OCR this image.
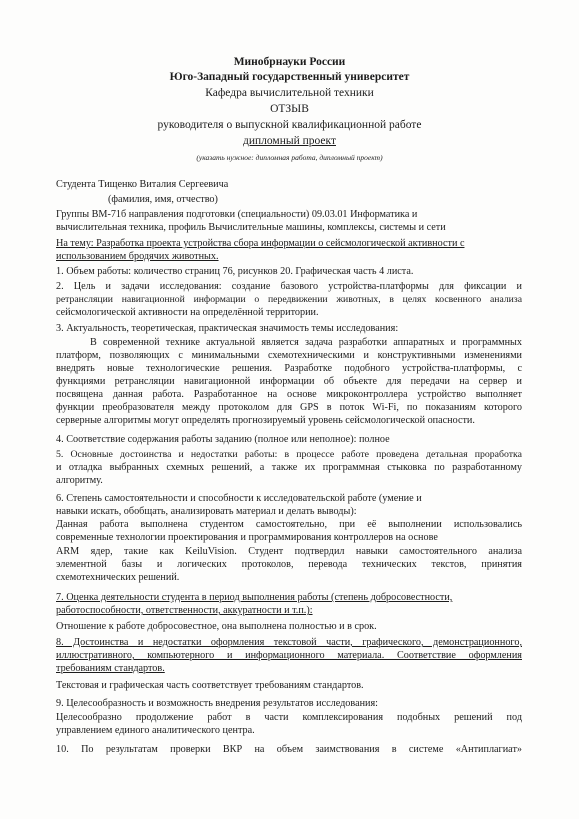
Минобрнауки России
Юго-Западный государственный университет
Кафедра вычислительной техники
ОТЗЫВ
руководителя о выпускной квалификационной работе
дипломный проект
(указать нужное: дипломная работа, дипломный проект)
Студента Тищенко Виталия Сергеевича
(фамилия, имя, отчество)
Группы ВМ-71б направления подготовки (специальности) 09.03.01 Информатика и
вычислительная техника, профиль Вычислительные машины, комплексы, системы и сети
На тему: Разработка проекта устройства сбора информации о сейсмологической активности с
использованием бродячих животных.
1. Объем работы: количество страниц 76, рисунков 20. Графическая часть 4 листа.
2. Цель и задачи исследования: создание базового устройства-платформы для фиксации и
ретрансляции навигационной информации о передвижении животных, в целях косвенного анализа
сейсмологической активности на определённой территории.
3. Актуальность, теоретическая, практическая значимость темы исследования:
В современной технике актуальной является задача разработки аппаратных и программных
платформ, позволяющих с минимальными схемотехническими и конструктивными изменениями
внедрять новые технологические решения. Разработке подобного устройства-платформы, с
функциями ретрансляции навигационной информации об объекте для передачи на сервер и
посвящена данная работа. Разработанное на основе микроконтроллера устройство выполняет
функции преобразователя между протоколом для GPS в поток Wi-Fi, по показаниям которого
серверные алгоритмы могут определять прогнозируемый уровень сейсмологической опасности.
4. Соответствие содержания работы заданию (полное или неполное): полное
5. Основные достоинства и недостатки работы: в процессе работе проведена детальная проработка
и отладка выбранных схемных решений, а также их программная стыковка по разработанному
алгоритму.
6. Степень самостоятельности и способности к исследовательской работе (умение и
навыки искать, обобщать, анализировать материал и делать выводы):
Данная работа выполнена студентом самостоятельно, при её выполнении использовались
современные технологии проектирования и программирования контроллеров на основе
ARM ядер, такие как KeiluVision. Студент подтвердил навыки самостоятельного анализа
элементной базы и логических протоколов, перевода технических текстов, принятия
схемотехнических решений.
7. Оценка деятельности студента в период выполнения работы (степень добросовестности,
работоспособности, ответственности, аккуратности и т.п.):
Отношение к работе добросовестное, она выполнена полностью и в срок.
8. Достоинства и недостатки оформления текстовой части, графического, демонстрационного,
иллюстративного, компьютерного и информационного материала. Соответствие оформления
требованиям стандартов.
Текстовая и графическая часть соответствует требованиям стандартов.
9. Целесообразность и возможность внедрения результатов исследования:
Целесообразно продолжение работ в части комплексирования подобных решений под
управлением единого аналитического центра.
10. По результатам проверки ВКР на объем заимствования в системе «Антиплагиат»
